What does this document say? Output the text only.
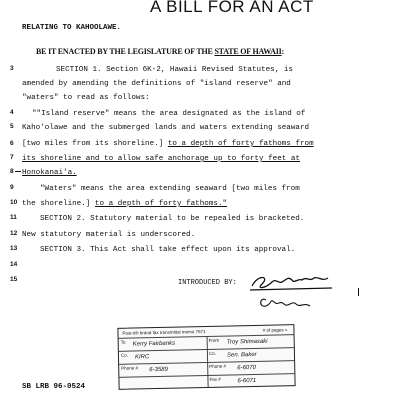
A BILL FOR AN ACT
RELATING TO KAHOOLAWE.
BE IT ENACTED BY THE LEGISLATURE OF THE STATE OF HAWAII:
3
4
5
6
7
8
9
10
11
12
13
14
15
SECTION 1. Section 6K-2, Hawaii Revised Statutes, is
amended by amending the definitions of "island reserve" and
"waters" to read as follows:
""Island reserve" means the area designated as the island of
Kaho'olawe and the submerged lands and waters extending seaward
[two miles from its shoreline.] to a depth of forty fathoms from
its shoreline and to allow safe anchorage up to forty feet at
Honokanai'a.
"Waters" means the area extending seaward [two miles from
the shoreline.] to a depth of forty fathoms."
SECTION 2. Statutory material to be repealed is bracketed.
New statutory material is underscored.
SECTION 3. This Act shall take effect upon its approval.
INTRODUCED BY:
Post-it® brand fax transmittal memo 7671	# of pages »
To Kerry Fairbanks
From Troy Shimasaki
Co. KIRC
Co. Sen. Baker
Phone # 6-3589
Phone # 6-6070
Fax #	6-6071
SB LRB 96-0524
